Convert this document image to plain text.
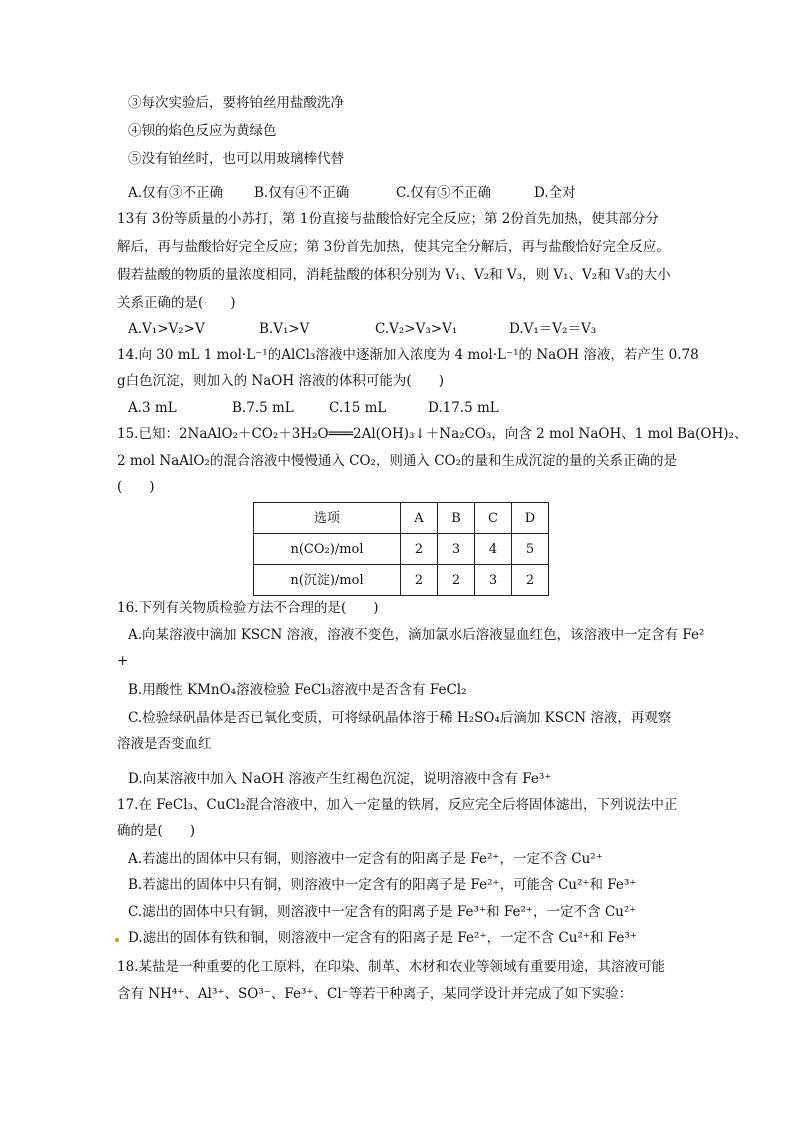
③每次实验后，要将铂丝用盐酸洗净
④钡的焰色反应为黄绿色
⑤没有铂丝时，也可以用玻璃棒代替
A.仅有③不正确 B.仅有④不正确	C.仅有⑤不正确	D.全对
13有 3份等质量的小苏打，第 1份直接与盐酸恰好完全反应；第 2份首先加热，使其部分分
解后，再与盐酸恰好完全反应；第 3份首先加热，使其完全分解后，再与盐酸恰好完全反应。
假若盐酸的物质的量浓度相同，消耗盐酸的体积分别为 V₁、V₂和 V₃，则 V₁、V₂和 V₃的大小
关系正确的是(　　)
A.V₁>V₂>V	B.V₁>V	C.V₂>V₃>V₁	D.V₁＝V₂＝V₃
14.向 30 mL 1 mol·L⁻¹的AlCl₃溶液中逐渐加入浓度为 4 mol·L⁻¹的 NaOH 溶液，若产生 0.78
g白色沉淀，则加入的 NaOH 溶液的体积可能为(　　)
A.3 mL	B.7.5 mL	C.15 mL	D.17.5 mL
15.已知：2NaAlO₂＋CO₂＋3H₂O═══2Al(OH)₃↓＋Na₂CO₃，向含 2 mol NaOH、1 mol Ba(OH)₂、
2 mol NaAlO₂的混合溶液中慢慢通入 CO₂，则通入 CO₂的量和生成沉淀的量的关系正确的是
(　　)
选项	A	B	C	D
n(CO₂)/mol	2	3	4	5
n(沉淀)/mol	2	2	3	2
16.下列有关物质检验方法不合理的是(　　)
A.向某溶液中滴加 KSCN 溶液，溶液不变色，滴加氯水后溶液显血红色，该溶液中一定含有 Fe²
+
B.用酸性 KMnO₄溶液检验 FeCl₃溶液中是否含有 FeCl₂
C.检验绿矾晶体是否已氧化变质，可将绿矾晶体溶于稀 H₂SO₄后滴加 KSCN 溶液，再观察
溶液是否变血红
D.向某溶液中加入 NaOH 溶液产生红褐色沉淀，说明溶液中含有 Fe³⁺
17.在 FeCl₃、CuCl₂混合溶液中，加入一定量的铁屑，反应完全后将固体滤出，下列说法中正
确的是(　　)
A.若滤出的固体中只有铜，则溶液中一定含有的阳离子是 Fe²⁺，一定不含 Cu²⁺
B.若滤出的固体中只有铜，则溶液中一定含有的阳离子是 Fe²⁺，可能含 Cu²⁺和 Fe³⁺
C.滤出的固体中只有铜，则溶液中一定含有的阳离子是 Fe³⁺和 Fe²⁺，一定不含 Cu²⁺
D.滤出的固体有铁和铜，则溶液中一定含有的阳离子是 Fe²⁺，一定不含 Cu²⁺和 Fe³⁺
18.某盐是一种重要的化工原料，在印染、制革、木材和农业等领域有重要用途，其溶液可能
含有 NH⁴⁺、Al³⁺、SO³⁻、Fe³⁺、Cl⁻等若干种离子，某同学设计并完成了如下实验：
